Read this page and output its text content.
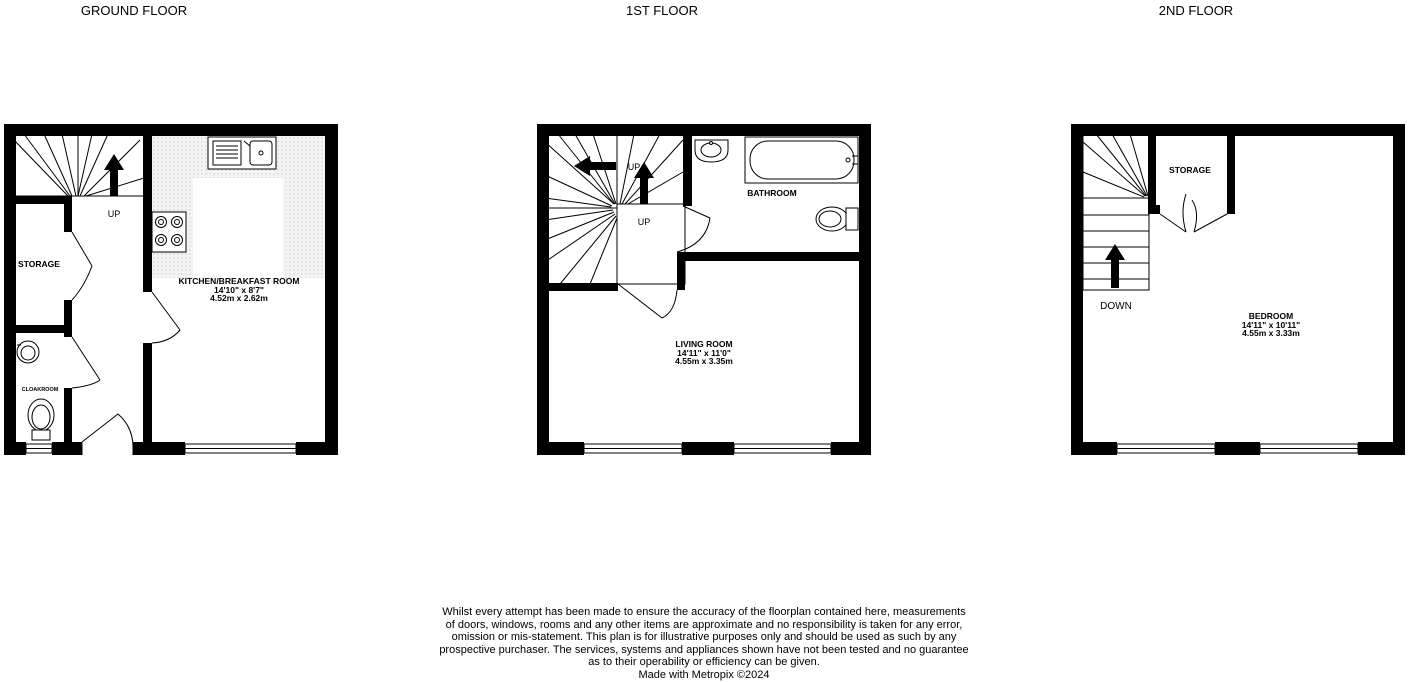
GROUND FLOOR
UP
STORAGE
CLOAKROOM
KITCHEN/BREAKFAST ROOM
14'10" x 8'7"
4.52m x 2.62m
1ST FLOOR
UP
UP
BATHROOM
LIVING ROOM
14'11" x 11'0"
4.55m x 3.35m
2ND FLOOR
DOWN
STORAGE
BEDROOM
14'11" x 10'11"
4.55m x 3.33m
Whilst every attempt has been made to ensure the accuracy of the floorplan contained here, measurements
of doors, windows, rooms and any other items are approximate and no responsibility is taken for any error,
omission or mis-statement. This plan is for illustrative purposes only and should be used as such by any
prospective purchaser. The services, systems and appliances shown have not been tested and no guarantee
as to their operability or efficiency can be given.
Made with Metropix ©2024
